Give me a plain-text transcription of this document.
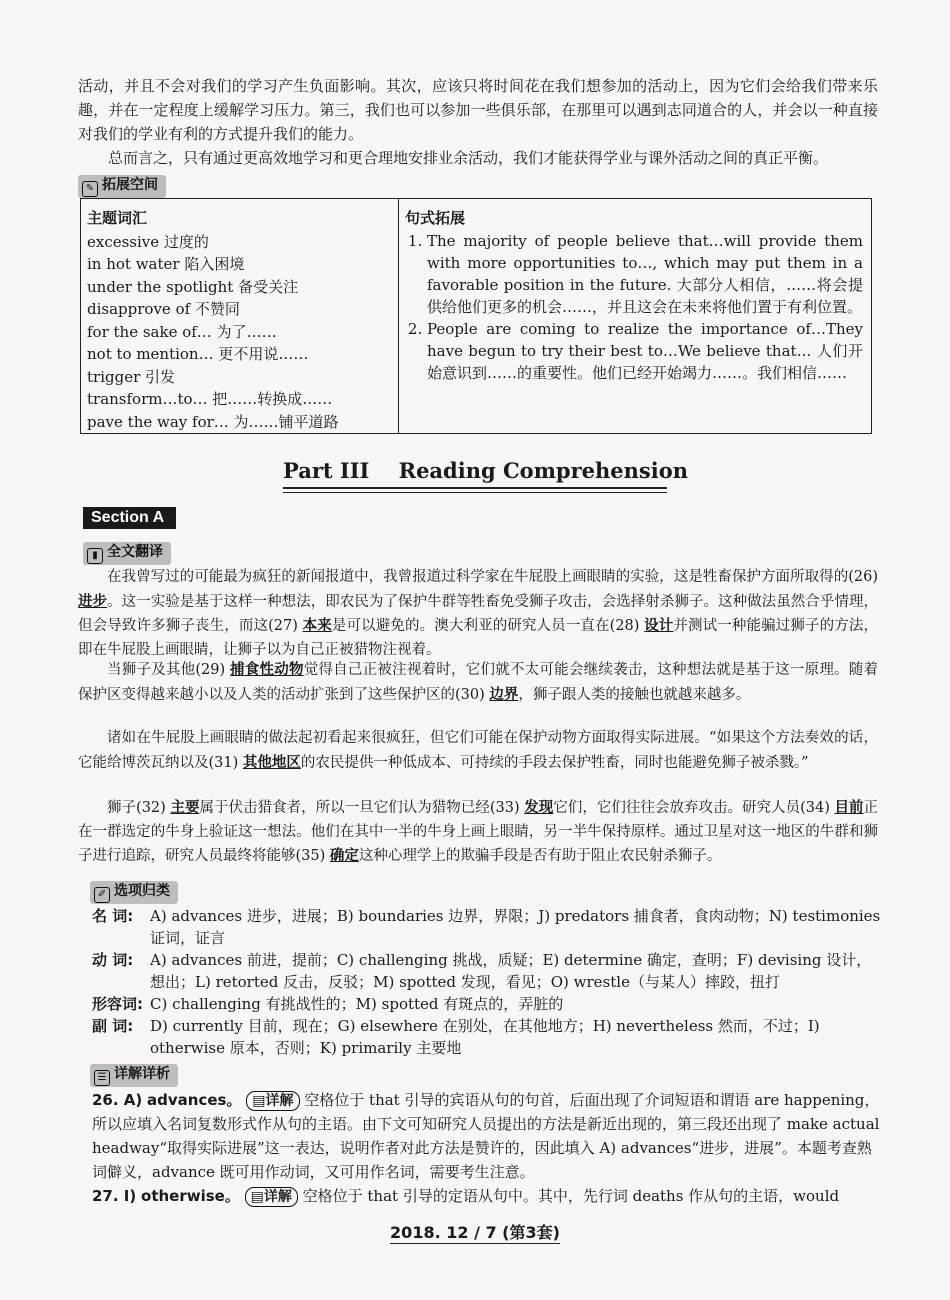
活动，并且不会对我们的学习产生负面影响。其次，应该只将时间花在我们想参加的活动上，因为它们会给我们带来乐趣，并在一定程度上缓解学习压力。第三，我们也可以参加一些俱乐部，在那里可以遇到志同道合的人，并会以一种直接对我们的学业有利的方式提升我们的能力。

总而言之，只有通过更高效地学习和更合理地安排业余活动，我们才能获得学业与课外活动之间的真正平衡。

✎ 拓展空间
主题词汇
excessive 过度的
in hot water 陷入困境
under the spotlight 备受关注
disapprove of 不赞同
for the sake of… 为了……
not to mention… 更不用说……
trigger 引发
transform…to… 把……转换成……
pave the way for… 为……铺平道路
句式拓展
1. The majority of people believe that…will provide them with more opportunities to…, which may put them in a favorable position in the future. 大部分人相信，……将会提供给他们更多的机会……，并且这会在未来将他们置于有利位置。
2. People are coming to realize the importance of…They have begun to try their best to…We believe that… 人们开始意识到……的重要性。他们已经开始竭力……。我们相信……
Part III    Reading Comprehension
Section A
▮ 全文翻译

在我曾写过的可能最为疯狂的新闻报道中，我曾报道过科学家在牛屁股上画眼睛的实验，这是牲畜保护方面所取得的(26) 进步。这一实验是基于这样一种想法，即农民为了保护牛群等牲畜免受狮子攻击，会选择射杀狮子。这种做法虽然合乎情理，但会导致许多狮子丧生，而这(27) 本来是可以避免的。澳大利亚的研究人员一直在(28) 设计并测试一种能骗过狮子的方法，即在牛屁股上画眼睛，让狮子以为自己正被猎物注视着。

当狮子及其他(29) 捕食性动物觉得自己正被注视着时，它们就不太可能会继续袭击，这种想法就是基于这一原理。随着保护区变得越来越小以及人类的活动扩张到了这些保护区的(30) 边界，狮子跟人类的接触也就越来越多。

诸如在牛屁股上画眼睛的做法起初看起来很疯狂，但它们可能在保护动物方面取得实际进展。“如果这个方法奏效的话，它能给博茨瓦纳以及(31) 其他地区的农民提供一种低成本、可持续的手段去保护牲畜，同时也能避免狮子被杀戮。”

狮子(32) 主要属于伏击猎食者，所以一旦它们认为猎物已经(33) 发现它们，它们往往会放弃攻击。研究人员(34) 目前正在一群选定的牛身上验证这一想法。他们在其中一半的牛身上画上眼睛，另一半牛保持原样。通过卫星对这一地区的牛群和狮子进行追踪，研究人员最终将能够(35) 确定这种心理学上的欺骗手段是否有助于阻止农民射杀狮子。

✐ 选项归类
名 词:	A) advances 进步，进展；B) boundaries 边界，界限；J) predators 捕食者，食肉动物；N) testimonies 证词，证言
动 词:	A) advances 前进，提前；C) challenging 挑战，质疑；E) determine 确定，查明；F) devising 设计，想出；L) retorted 反击，反驳；M) spotted 发现，看见；O) wrestle（与某人）摔跤，扭打
形容词: C) challenging 有挑战性的；M) spotted 有斑点的，弄脏的
副 词:	D) currently 目前，现在；G) elsewhere 在别处，在其他地方；H) nevertheless 然而，不过；I) otherwise 原本，否则；K) primarily 主要地
☰ 详解详析
26. A) advances。 ▤详解 空格位于 that 引导的宾语从句的句首，后面出现了介词短语和谓语 are happening，所以应填入名词复数形式作从句的主语。由下文可知研究人员提出的方法是新近出现的，第三段还出现了 make actual headway“取得实际进展”这一表达，说明作者对此方法是赞许的，因此填入 A) advances“进步，进展”。本题考查熟词僻义，advance 既可用作动词，又可用作名词，需要考生注意。
27. I) otherwise。 ▤详解 空格位于 that 引导的定语从句中。其中，先行词 deaths 作从句的主语，would
2018. 12 / 7 (第3套)
